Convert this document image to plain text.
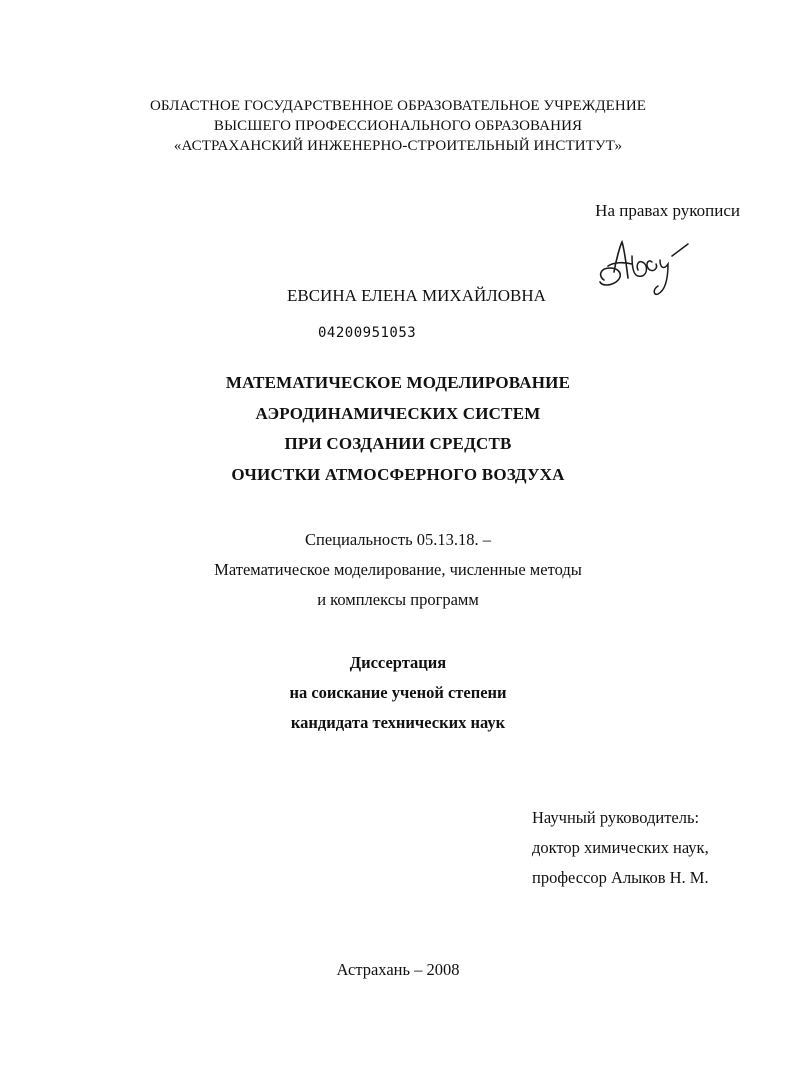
ОБЛАСТНОЕ ГОСУДАРСТВЕННОЕ ОБРАЗОВАТЕЛЬНОЕ УЧРЕЖДЕНИЕ
ВЫСШЕГО ПРОФЕССИОНАЛЬНОГО ОБРАЗОВАНИЯ
«АСТРАХАНСКИЙ ИНЖЕНЕРНО-СТРОИТЕЛЬНЫЙ ИНСТИТУТ»
На правах рукописи
ЕВСИНА ЕЛЕНА МИХАЙЛОВНА
04200951053
МАТЕМАТИЧЕСКОЕ МОДЕЛИРОВАНИЕ
АЭРОДИНАМИЧЕСКИХ СИСТЕМ
ПРИ СОЗДАНИИ СРЕДСТВ
ОЧИСТКИ АТМОСФЕРНОГО ВОЗДУХА
Специальность 05.13.18. –
Математическое моделирование, численные методы
и комплексы программ
Диссертация
на соискание ученой степени
кандидата технических наук
Научный руководитель:
доктор химических наук,
профессор Алыков Н. М.
Астрахань – 2008
